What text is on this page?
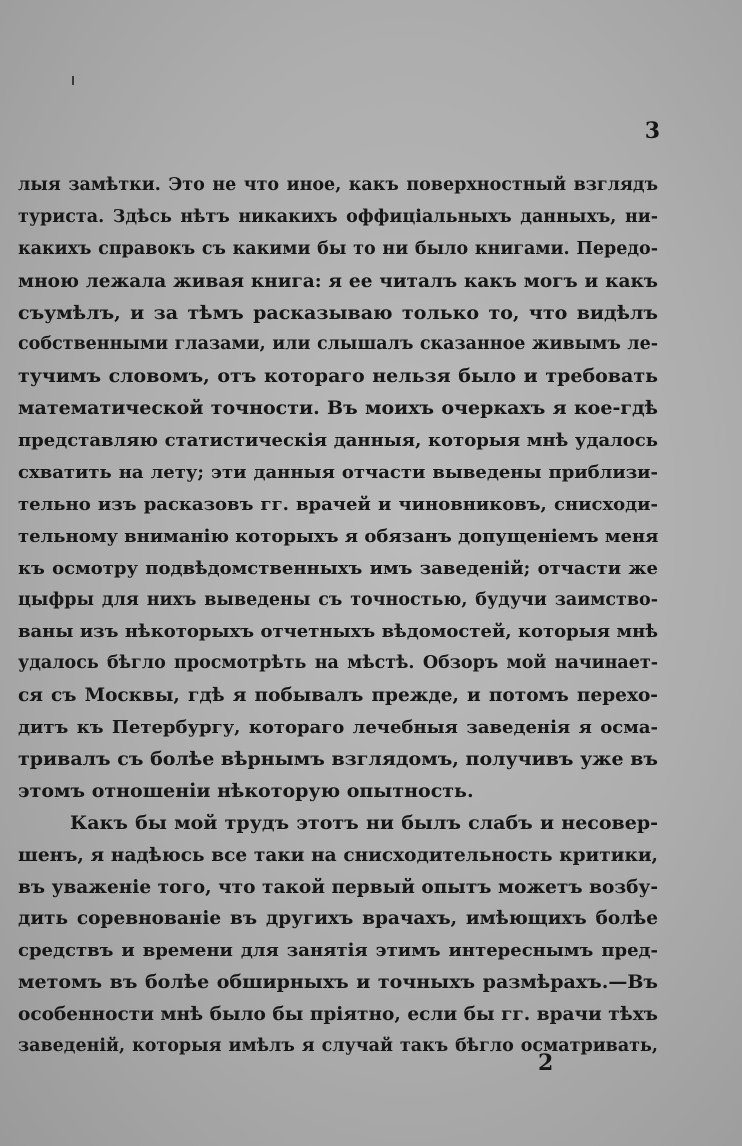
3
лыя замѣтки. Это не что иное, какъ поверхностный взглядъ
туриста. Здѣсь нѣтъ никакихъ оффиціальныхъ данныхъ, ни-
какихъ справокъ съ какими бы то ни было книгами. Передо-
мною лежала живая книга: я ее читалъ какъ могъ и какъ
съумѣлъ, и за тѣмъ расказываю только то, что видѣлъ
собственными глазами, или слышалъ сказанное живымъ ле-
тучимъ словомъ, отъ котораго нельзя было и требовать
математической точности. Въ моихъ очеркахъ я кое-гдѣ
представляю статистическія данныя, которыя мнѣ удалось
схватить на лету; эти данныя отчасти выведены приблизи-
тельно изъ расказовъ гг. врачей и чиновниковъ, снисходи-
тельному вниманію которыхъ я обязанъ допущеніемъ меня
къ осмотру подвѣдомственныхъ имъ заведеній; отчасти же
цыфры для нихъ выведены съ точностью, будучи заимство-
ваны изъ нѣкоторыхъ отчетныхъ вѣдомостей, которыя мнѣ
удалось бѣгло просмотрѣть на мѣстѣ. Обзоръ мой начинает-
ся съ Москвы, гдѣ я побывалъ прежде, и потомъ перехо-
дитъ къ Петербургу, котораго лечебныя заведенія я осма-
тривалъ съ болѣе вѣрнымъ взглядомъ, получивъ уже въ
этомъ отношеніи нѣкоторую опытность.
Какъ бы мой трудъ этотъ ни былъ слабъ и несовер-
шенъ, я надѣюсь все таки на снисходительность критики,
въ уваженіе того, что такой первый опытъ можетъ возбу-
дить соревнованіе въ другихъ врачахъ, имѣющихъ болѣе
средствъ и времени для занятія этимъ интереснымъ пред-
метомъ въ болѣе обширныхъ и точныхъ размѣрахъ.—Въ
особенности мнѣ было бы пріятно, если бы гг. врачи тѣхъ
заведеній, которыя имѣлъ я случай такъ бѣгло осматривать,
2
